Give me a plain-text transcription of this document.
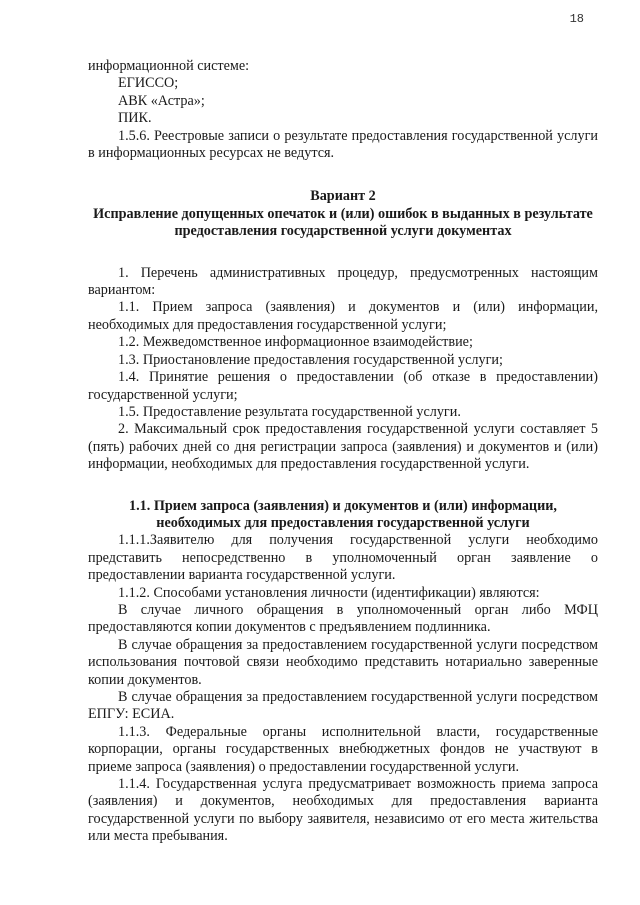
18

информационной системе:

ЕГИССО;

АВК «Астра»;

ПИК.

1.5.6. Реестровые записи о результате предоставления государственной услуги в информационных ресурсах не ведутся.

Вариант 2

Исправление допущенных опечаток и (или) ошибок в выданных в результате предоставления государственной услуги документах

1. Перечень административных процедур, предусмотренных настоящим вариантом:

1.1. Прием запроса (заявления) и документов и (или) информации, необходимых для предоставления государственной услуги;

1.2. Межведомственное информационное взаимодействие;

1.3. Приостановление предоставления государственной услуги;

1.4. Принятие решения о предоставлении (об отказе в предоставлении) государственной услуги;

1.5. Предоставление результата государственной услуги.

2. Максимальный срок предоставления государственной услуги составляет 5 (пять) рабочих дней со дня регистрации запроса (заявления) и документов и (или) информации, необходимых для предоставления государственной услуги.

1.1. Прием запроса (заявления) и документов и (или) информации, необходимых для предоставления государственной услуги

1.1.1.Заявителю для получения государственной услуги необходимо представить непосредственно в уполномоченный орган заявление о предоставлении варианта государственной услуги.

1.1.2. Способами установления личности (идентификации) являются:

В случае личного обращения в уполномоченный орган либо МФЦ предоставляются копии документов с предъявлением подлинника.

В случае обращения за предоставлением государственной услуги посредством использования почтовой связи необходимо представить нотариально заверенные копии документов.

В случае обращения за предоставлением государственной услуги посредством ЕПГУ: ЕСИА.

1.1.3. Федеральные органы исполнительной власти, государственные корпорации, органы государственных внебюджетных фондов не участвуют в приеме запроса (заявления) о предоставлении государственной услуги.

1.1.4. Государственная услуга предусматривает возможность приема запроса (заявления) и документов, необходимых для предоставления варианта государственной услуги по выбору заявителя, независимо от его места жительства или места пребывания.
